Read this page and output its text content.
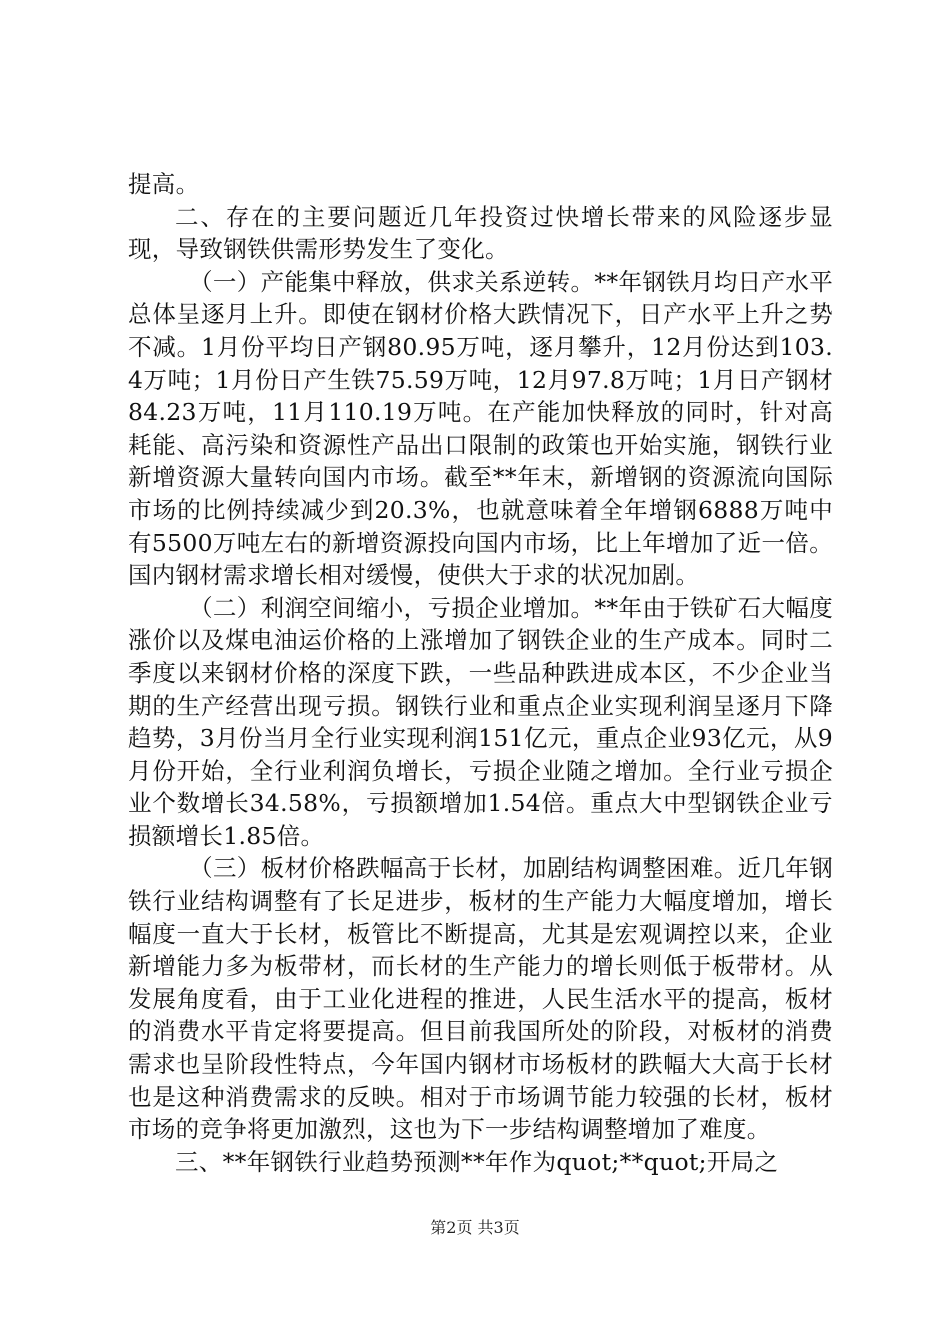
提高。

二、存在的主要问题近几年投资过快增长带来的风险逐步显现，导致钢铁供需形势发生了变化。

（一）产能集中释放，供求关系逆转。**年钢铁月均日产水平总体呈逐月上升。即使在钢材价格大跌情况下，日产水平上升之势不减。1月份平均日产钢80.95万吨，逐月攀升，12月份达到103.4万吨；1月份日产生铁75.59万吨，12月97.8万吨；1月日产钢材84.23万吨，11月110.19万吨。在产能加快释放的同时，针对高耗能、高污染和资源性产品出口限制的政策也开始实施，钢铁行业新增资源大量转向国内市场。截至**年末，新增钢的资源流向国际市场的比例持续减少到20.3%，也就意味着全年增钢6888万吨中有5500万吨左右的新增资源投向国内市场，比上年增加了近一倍。国内钢材需求增长相对缓慢，使供大于求的状况加剧。

（二）利润空间缩小，亏损企业增加。**年由于铁矿石大幅度涨价以及煤电油运价格的上涨增加了钢铁企业的生产成本。同时二季度以来钢材价格的深度下跌，一些品种跌进成本区，不少企业当期的生产经营出现亏损。钢铁行业和重点企业实现利润呈逐月下降趋势，3月份当月全行业实现利润151亿元，重点企业93亿元，从9月份开始，全行业利润负增长，亏损企业随之增加。全行业亏损企业个数增长34.58%，亏损额增加1.54倍。重点大中型钢铁企业亏损额增长1.85倍。

（三）板材价格跌幅高于长材，加剧结构调整困难。近几年钢铁行业结构调整有了长足进步，板材的生产能力大幅度增加，增长幅度一直大于长材，板管比不断提高，尤其是宏观调控以来，企业新增能力多为板带材，而长材的生产能力的增长则低于板带材。从发展角度看，由于工业化进程的推进，人民生活水平的提高，板材的消费水平肯定将要提高。但目前我国所处的阶段，对板材的消费需求也呈阶段性特点，今年国内钢材市场板材的跌幅大大高于长材也是这种消费需求的反映。相对于市场调节能力较强的长材，板材市场的竞争将更加激烈，这也为下一步结构调整增加了难度。

三、**年钢铁行业趋势预测**年作为quot;**quot;开局之

第2页 共3页
